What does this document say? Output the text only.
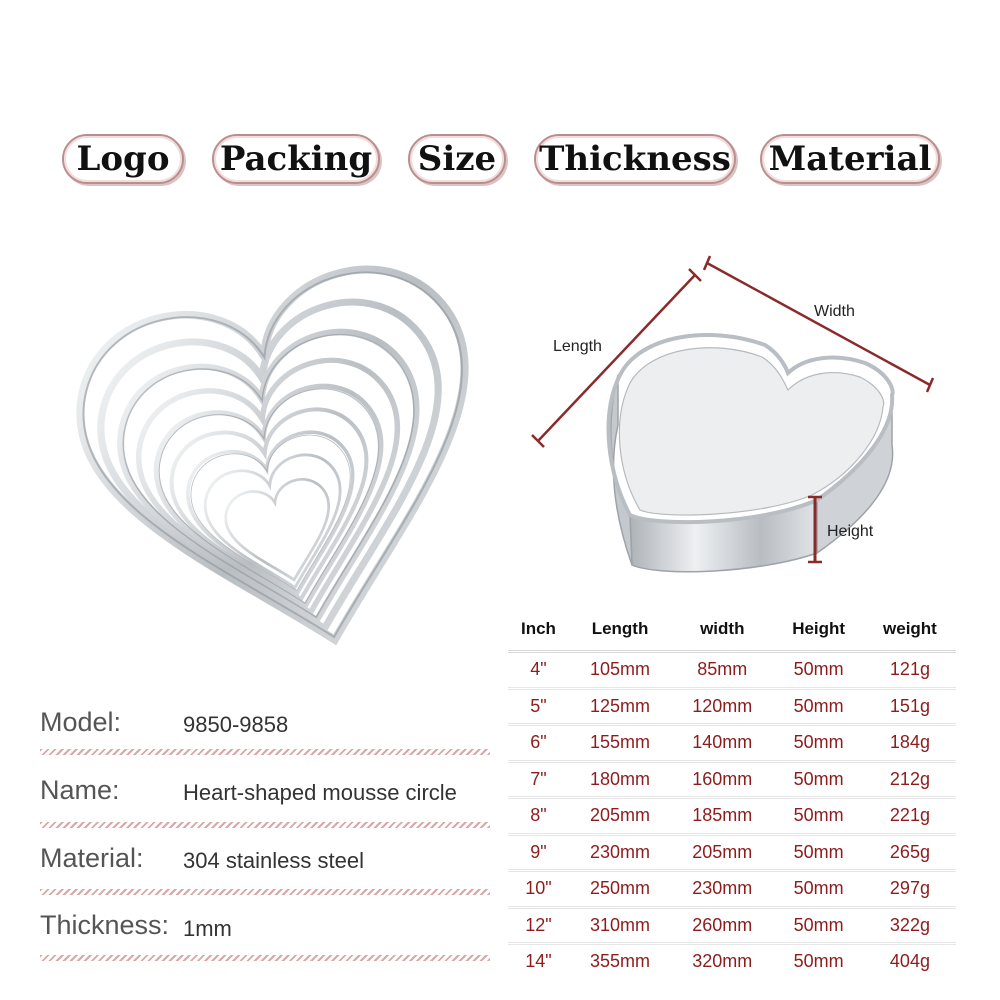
Logo Packing Size Thickness Material
Length
Width
Height
Model:	9850-9858
Name:	Heart-shaped mousse circle
Material: 304 stainless steel
Thickness: 1mm
Inch	Length	width	Height	weight
4"	105mm	85mm	50mm	121g
5"	125mm	120mm	50mm	151g
6"	155mm	140mm	50mm	184g
7"	180mm	160mm	50mm	212g
8"	205mm	185mm	50mm	221g
9"	230mm	205mm	50mm	265g
10"	250mm	230mm	50mm	297g
12"	310mm	260mm	50mm	322g
14"	355mm	320mm	50mm	404g
